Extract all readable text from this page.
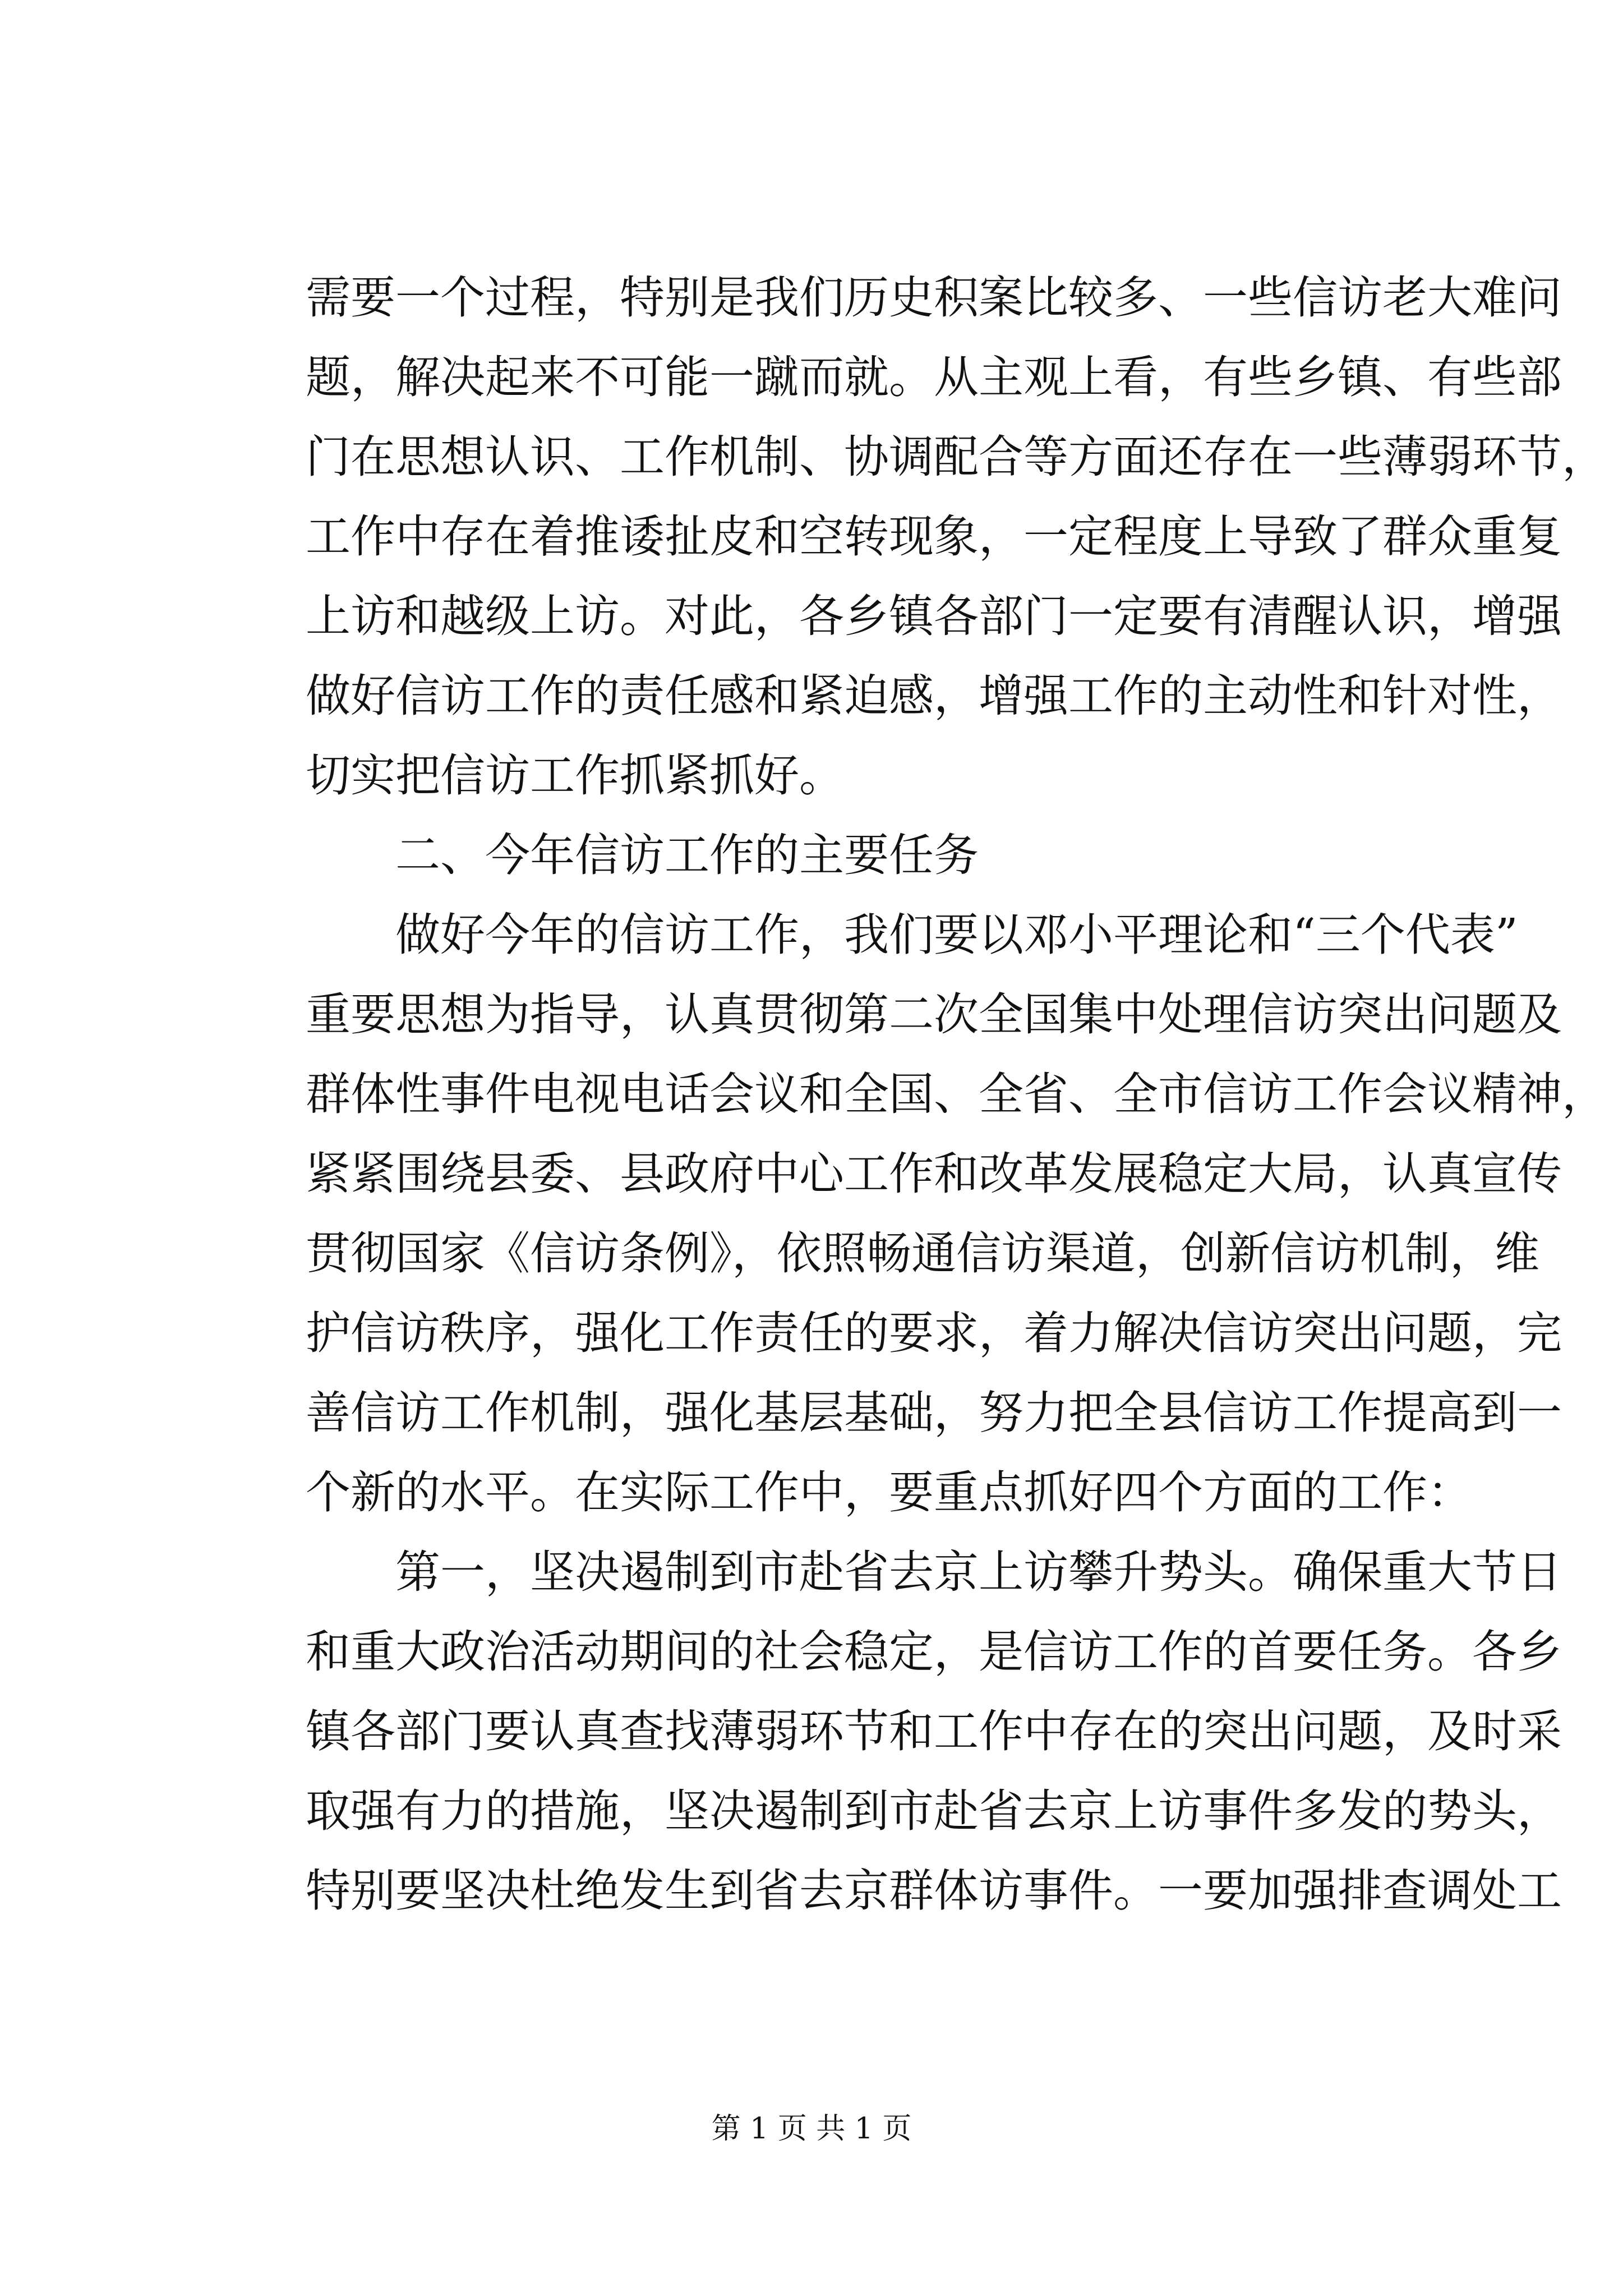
需要一个过程，特别是我们历史积案比较多、一些信访老大难问
题，解决起来不可能一蹴而就。从主观上看，有些乡镇、有些部
门在思想认识、工作机制、协调配合等方面还存在一些薄弱环节，
工作中存在着推诿扯皮和空转现象，一定程度上导致了群众重复
上访和越级上访。对此，各乡镇各部门一定要有清醒认识，增强
做好信访工作的责任感和紧迫感，增强工作的主动性和针对性，
切实把信访工作抓紧抓好。
二、今年信访工作的主要任务
做好今年的信访工作，我们要以邓小平理论和“三个代表”
重要思想为指导，认真贯彻第二次全国集中处理信访突出问题及
群体性事件电视电话会议和全国、全省、全市信访工作会议精神，
紧紧围绕县委、县政府中心工作和改革发展稳定大局，认真宣传
贯彻国家《信访条例》，依照畅通信访渠道，创新信访机制，维
护信访秩序，强化工作责任的要求，着力解决信访突出问题，完
善信访工作机制，强化基层基础，努力把全县信访工作提高到一
个新的水平。在实际工作中，要重点抓好四个方面的工作：
第一，坚决遏制到市赴省去京上访攀升势头。确保重大节日
和重大政治活动期间的社会稳定，是信访工作的首要任务。各乡
镇各部门要认真查找薄弱环节和工作中存在的突出问题，及时采
取强有力的措施，坚决遏制到市赴省去京上访事件多发的势头，
特别要坚决杜绝发生到省去京群体访事件。一要加强排查调处工
第 1 页 共 1 页
